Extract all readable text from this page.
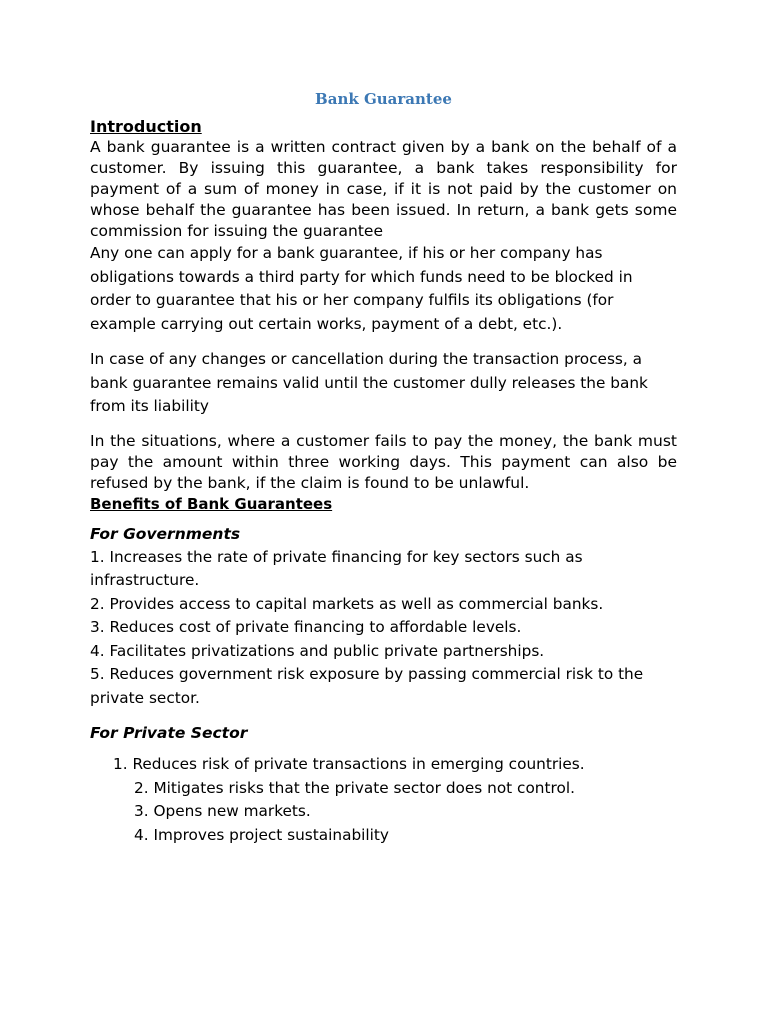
Bank Guarantee
Introduction

A bank guarantee is a written contract given by a bank on the behalf of a customer. By issuing this guarantee, a bank takes responsibility for payment of a sum of money in case, if it is not paid by the customer on whose behalf the guarantee has been issued. In return, a bank gets some commission for issuing the guarantee

Any one can apply for a bank guarantee, if his or her company has obligations towards a third party for which funds need to be blocked in order to guarantee that his or her company fulfils its obligations (for example carrying out certain works, payment of a debt, etc.).

In case of any changes or cancellation during the transaction process, a bank guarantee remains valid until the customer dully releases the bank from its liability

In the situations, where a customer fails to pay the money, the bank must pay the amount within three working days. This payment can also be refused by the bank, if the claim is found to be unlawful.

Benefits of Bank Guarantees
For Governments
1. Increases the rate of private financing for key sectors such as infrastructure.
2. Provides access to capital markets as well as commercial banks.
3. Reduces cost of private financing to affordable levels.
4. Facilitates privatizations and public private partnerships.
5. Reduces government risk exposure by passing commercial risk to the private sector.
For Private Sector
1. Reduces risk of private transactions in emerging countries.
2. Mitigates risks that the private sector does not control.
3. Opens new markets.
4. Improves project sustainability
